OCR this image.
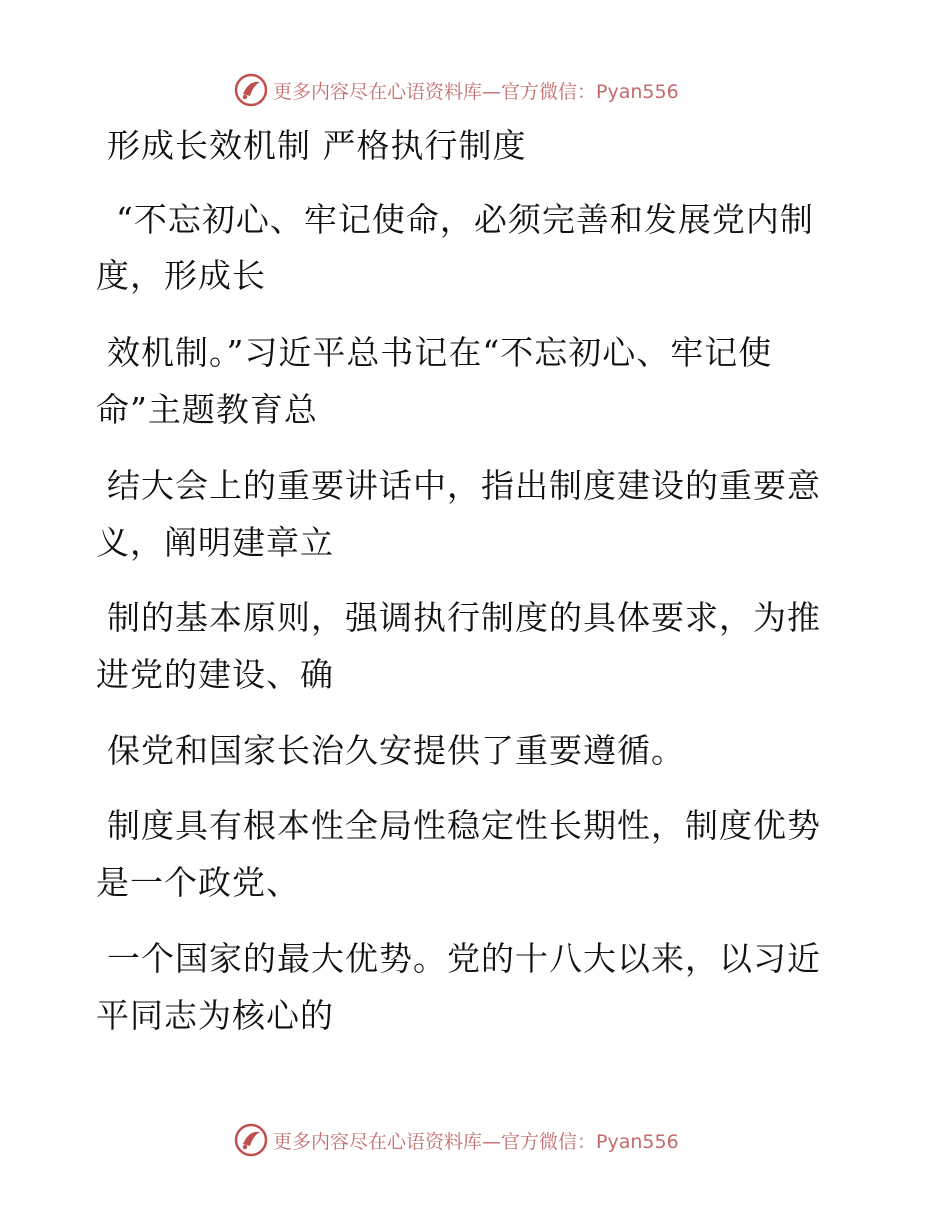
更多内容尽在心语资料库—官方微信：Pyan556
形成长效机制 严格执行制度
“不忘初心、牢记使命，必须完善和发展党内制
度，形成长
效机制。”习近平总书记在“不忘初心、牢记使
命”主题教育总
结大会上的重要讲话中，指出制度建设的重要意
义，阐明建章立
制的基本原则，强调执行制度的具体要求，为推
进党的建设、确
保党和国家长治久安提供了重要遵循。
制度具有根本性全局性稳定性长期性，制度优势
是一个政党、
一个国家的最大优势。党的十八大以来，以习近
平同志为核心的
更多内容尽在心语资料库—官方微信：Pyan556
